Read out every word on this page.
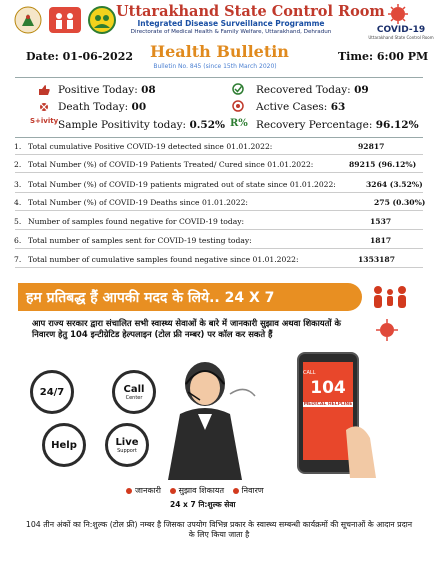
Uttarakhand State Control Room
Integrated Disease Surveillance Programme
Directorate of Medical Health & Family Welfare, Uttarakhand, Dehradun	COVID-19
Uttarakhand State Control Room
Date: 01-06-2022 Health Bulletin
Bulletin No. 845 (since 15th March 2020)
Time: 6:00 PM
Positive Today: 08	Recovered Today: 09
Death Today: 00	Active Cases: 63
S+ivity Sample Positivity today: 0.52% R% Recovery Percentage: 96.12%
1. Total cumulative Positive COVID-19 detected since 01.01.2022:	92817
2. Total Number (%) of COVID-19 Patients Treated/ Cured since 01.01.2022:	89215 (96.12%)
3. Total Number (%) of COVID-19 patients migrated out of state since 01.01.2022:	3264 (3.52%)
4. Total Number (%) of COVID-19 Deaths since 01.01.2022:	275 (0.30%)
5. Number of samples found negative for COVID-19 today:	1537
6. Total number of samples sent for COVID-19 testing today:	1817
7. Total number of cumulative samples found negative since 01.01.2022:	1353187
हम प्रतिबद्ध हैं आपकी मदद के लिये.. 24 X 7
आप राज्य सरकार द्वारा संचालित सभी स्वास्थ्य सेवाओं के बारे में जानकारी सुझाव अथवा शिकायतों के निवारण हेतु 104 इन्टीग्रेटिड हेल्पलाइन (टोल फ्री नम्बर) पर कॉल कर सकते हैं
24/7	Call
Center
Help	Live
Support
CALL
104
MEDICAL HELPLINE
जानकारी सुझाव शिकायत निवारण
24 x 7 नि:शुल्क सेवा
104 तीन अंकों का नि:शुल्क (टोल फ्री) नम्बर है जिसका उपयोग विभिन्न प्रकार के स्वास्थ्य सम्बन्धी कार्यक्रमों की सूचनाओं के आदान प्रदान के लिए किया जाता है
